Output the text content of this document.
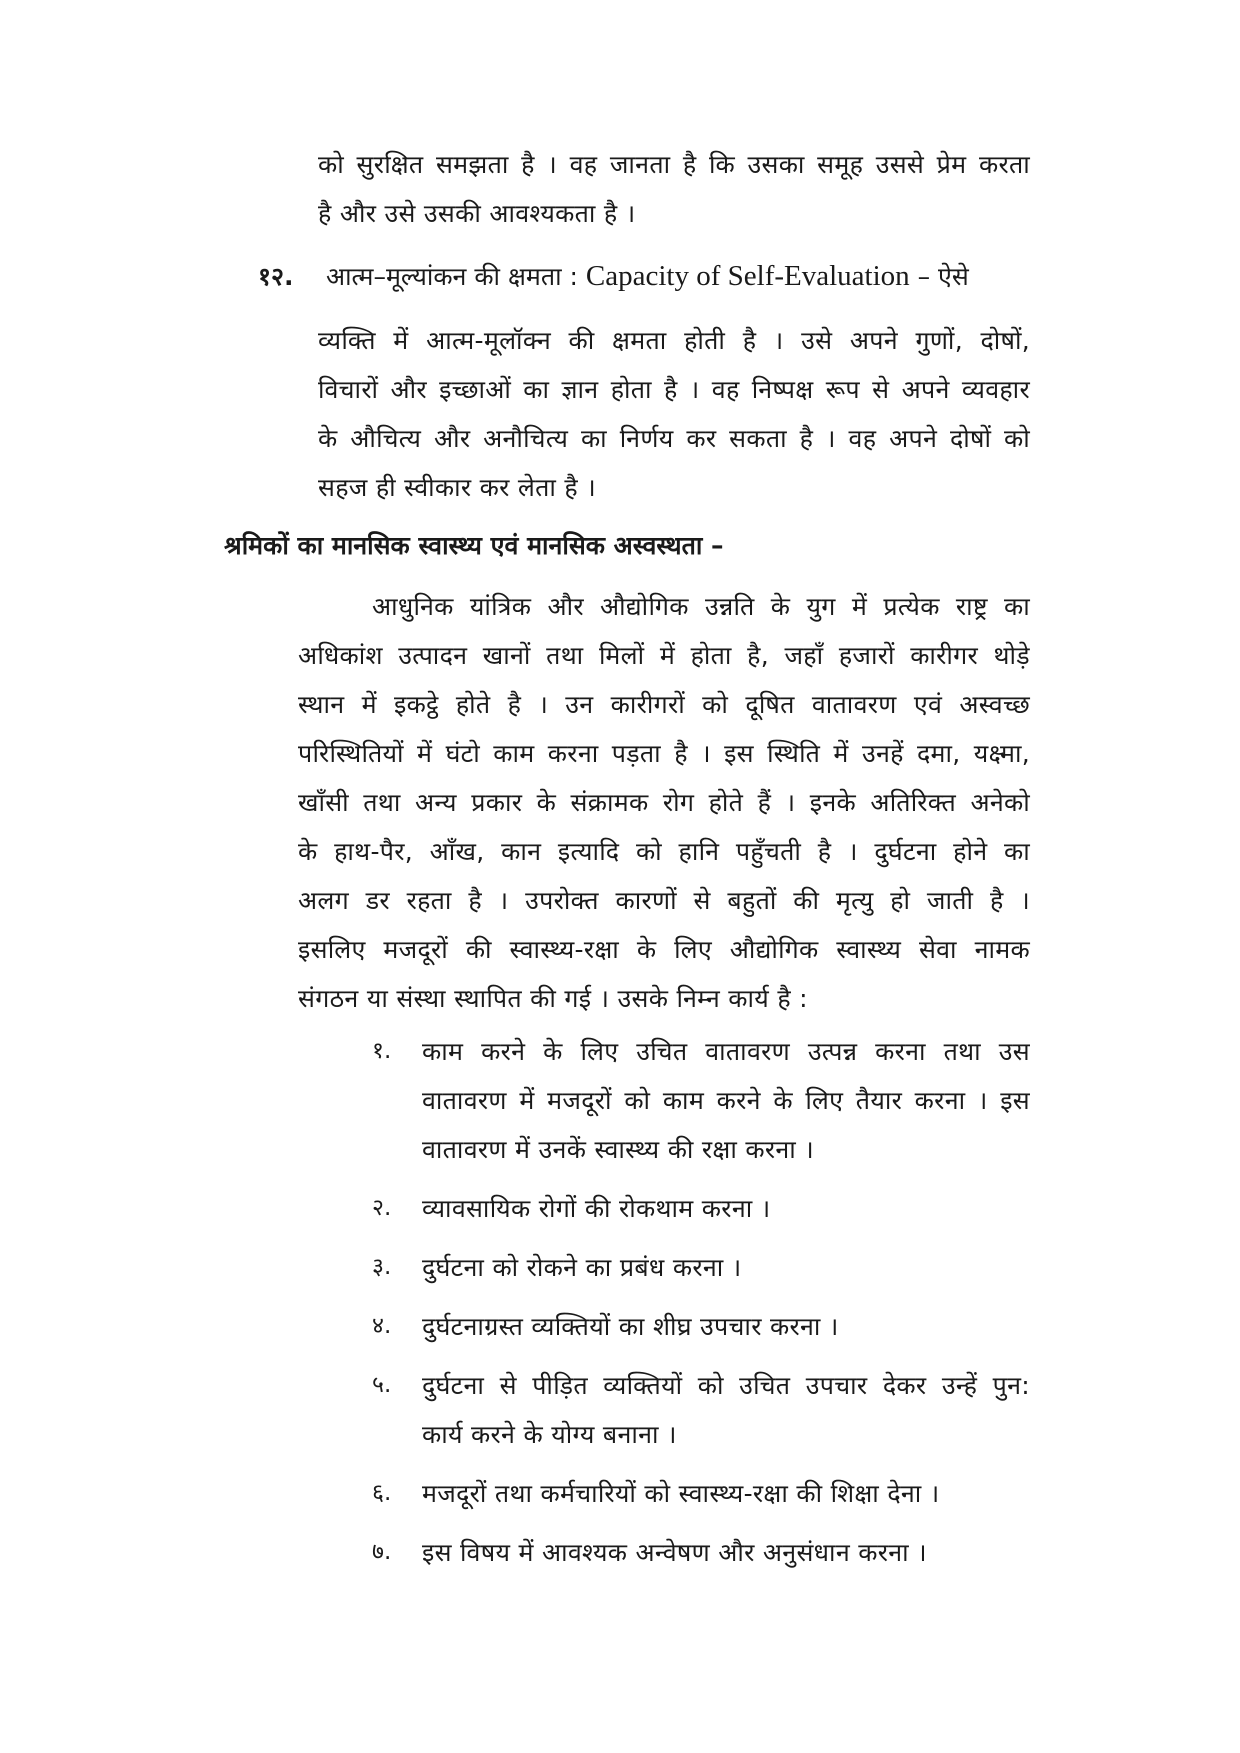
को सुरक्षित समझता है । वह जानता है कि उसका समूह उससे प्रेम करता
है और उसे उसकी आवश्यकता है ।
१२. आत्म–मूल्यांकन की क्षमता : Capacity of Self-Evaluation – ऐसे
व्यक्ति में आत्म-मूलॉक्न की क्षमता होती है । उसे अपने गुणों, दोषों,
विचारों और इच्छाओं का ज्ञान होता है । वह निष्पक्ष रूप से अपने व्यवहार
के औचित्य और अनौचित्य का निर्णय कर सकता है । वह अपने दोषों को
सहज ही स्वीकार कर लेता है ।
श्रमिकों का मानसिक स्वास्थ्य एवं मानसिक अस्वस्थता –
आधुनिक यांत्रिक और औद्योगिक उन्नति के युग में प्रत्येक राष्ट्र का
अधिकांश उत्पादन खानों तथा मिलों में होता है, जहाँ हजारों कारीगर थोड़े
स्थान में इकट्ठे होते है । उन कारीगरों को दूषित वातावरण एवं अस्वच्छ
परिस्थितियों में घंटो काम करना पड़ता है । इस स्थिति में उनहें दमा, यक्ष्मा,
खाँसी तथा अन्य प्रकार के संक्रामक रोग होते हैं । इनके अतिरिक्त अनेको
के हाथ-पैर, आँख, कान इत्यादि को हानि पहुँचती है । दुर्घटना होने का
अलग डर रहता है । उपरोक्त कारणों से बहुतों की मृत्यु हो जाती है ।
इसलिए मजदूरों की स्वास्थ्य-रक्षा के लिए औद्योगिक स्वास्थ्य सेवा नामक
संगठन या संस्था स्थापित की गई । उसके निम्न कार्य है :
१. काम करने के लिए उचित वातावरण उत्पन्न करना तथा उस
वातावरण में मजदूरों को काम करने के लिए तैयार करना । इस
वातावरण में उनकें स्वास्थ्य की रक्षा करना ।
२. व्यावसायिक रोगों की रोकथाम करना ।
३. दुर्घटना को रोकने का प्रबंध करना ।
४. दुर्घटनाग्रस्त व्यक्तियों का शीघ्र उपचार करना ।
५. दुर्घटना से पीड़ित व्यक्तियों को उचित उपचार देकर उन्हें पुन:
कार्य करने के योग्य बनाना ।
६. मजदूरों तथा कर्मचारियों को स्वास्थ्य-रक्षा की शिक्षा देना ।
७. इस विषय में आवश्यक अन्वेषण और अनुसंधान करना ।
